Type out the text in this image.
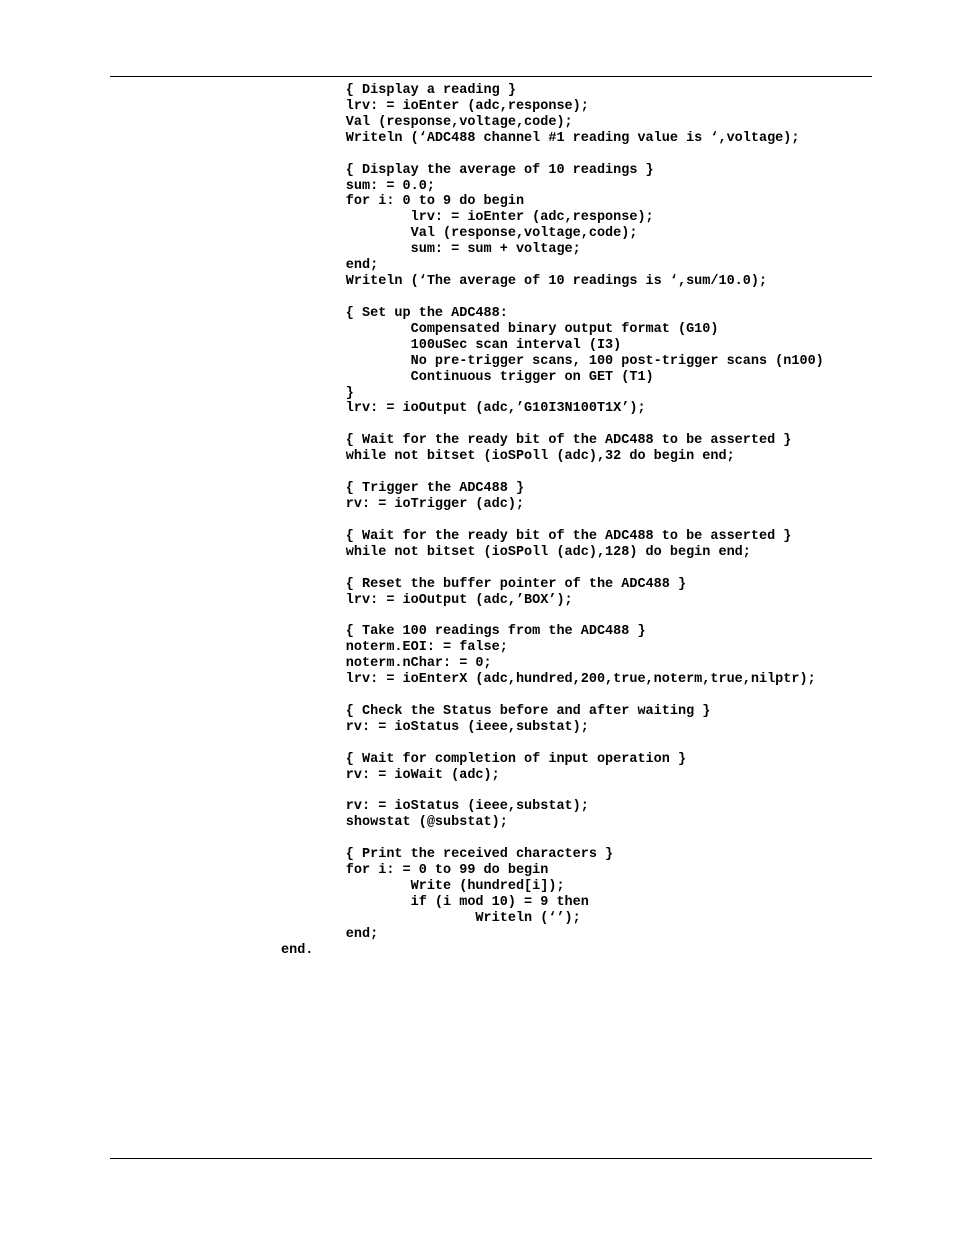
{ Display a reading }
lrv: = ioEnter (adc,response);
Val (response,voltage,code);
Writeln (‘ADC488 channel #1 reading value is ‘,voltage);
{ Display the average of 10 readings }
sum: = 0.0;
for i: 0 to 9 do begin
lrv: = ioEnter (adc,response);
Val (response,voltage,code);
sum: = sum + voltage;
end;
Writeln (‘The average of 10 readings is ‘,sum/10.0);
{ Set up the ADC488:
Compensated binary output format (G10)
100uSec scan interval (I3)
No pre-trigger scans, 100 post-trigger scans (n100)
Continuous trigger on GET (T1)
}
lrv: = ioOutput (adc,’G10I3N100T1X’);
{ Wait for the ready bit of the ADC488 to be asserted }
while not bitset (ioSPoll (adc),32 do begin end;
{ Trigger the ADC488 }
rv: = ioTrigger (adc);
{ Wait for the ready bit of the ADC488 to be asserted }
while not bitset (ioSPoll (adc),128) do begin end;
{ Reset the buffer pointer of the ADC488 }
lrv: = ioOutput (adc,’BOX’);
{ Take 100 readings from the ADC488 }
noterm.EOI: = false;
noterm.nChar: = 0;
lrv: = ioEnterX (adc,hundred,200,true,noterm,true,nilptr);
{ Check the Status before and after waiting }
rv: = ioStatus (ieee,substat);
{ Wait for completion of input operation }
rv: = ioWait (adc);
rv: = ioStatus (ieee,substat);
showstat (@substat);
{ Print the received characters }
for i: = 0 to 99 do begin
Write (hundred[i]);
if (i mod 10) = 9 then
Writeln (‘’);
end;
end.
